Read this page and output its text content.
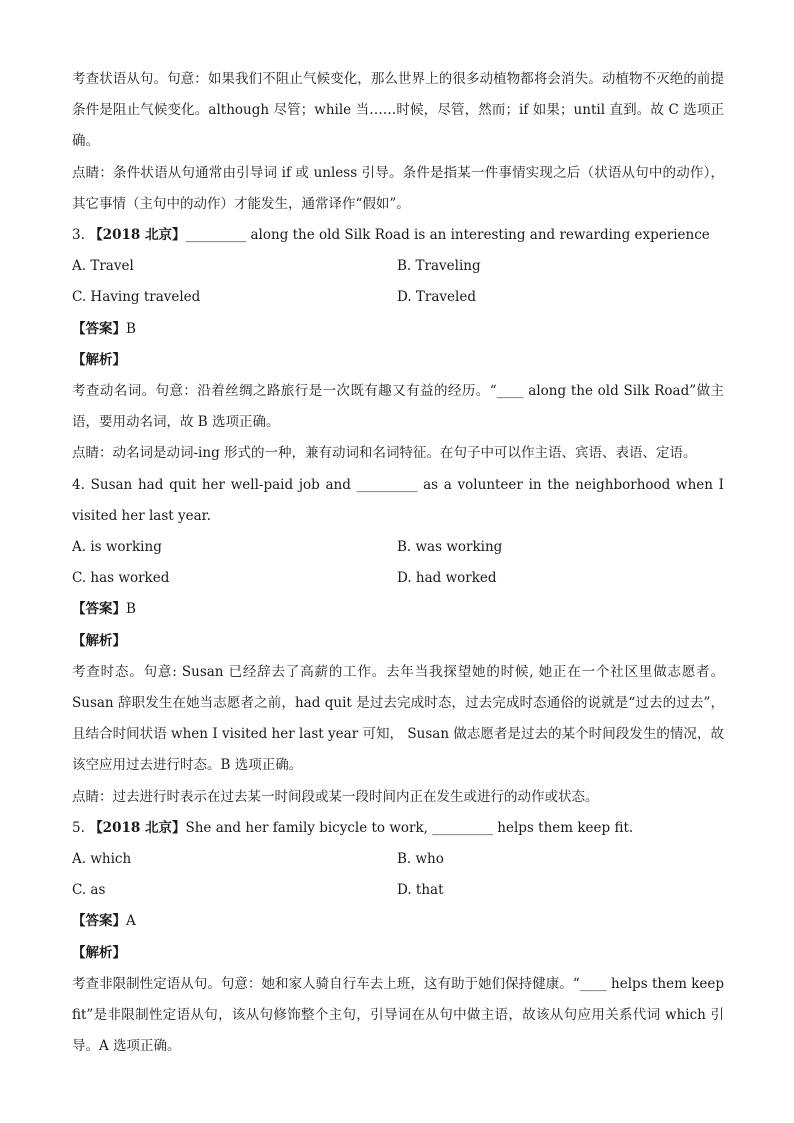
考查状语从句。句意：如果我们不阻止气候变化，那么世界上的很多动植物都将会消失。动植物不灭绝的前提条件是阻止气候变化。although 尽管；while 当……时候，尽管，然而；if 如果；until 直到。故 C 选项正确。

点睛：条件状语从句通常由引导词 if 或 unless 引导。条件是指某一件事情实现之后（状语从句中的动作），其它事情（主句中的动作）才能发生，通常译作“假如”。

3. 【2018 北京】_________ along the old Silk Road is an interesting and rewarding experience

A. Travel	B. Traveling
C. Having traveled	D. Traveled

【答案】B

【解析】

考查动名词。句意：沿着丝绸之路旅行是一次既有趣又有益的经历。“____ along the old Silk Road”做主语，要用动名词，故 B 选项正确。

点睛：动名词是动词-ing 形式的一种，兼有动词和名词特征。在句子中可以作主语、宾语、表语、定语。

4. Susan had quit her well-paid job and _________ as a volunteer in the neighborhood when I visited her last year.

A. is working	B. was working
C. has worked	D. had worked

【答案】B

【解析】

考查时态。句意: Susan 已经辞去了高薪的工作。去年当我探望她的时候, 她正在一个社区里做志愿者。Susan 辞职发生在她当志愿者之前，had quit 是过去完成时态，过去完成时态通俗的说就是“过去的过去”，且结合时间状语 when I visited her last year 可知， Susan 做志愿者是过去的某个时间段发生的情况，故该空应用过去进行时态。B 选项正确。

点睛：过去进行时表示在过去某一时间段或某一段时间内正在发生或进行的动作或状态。

5. 【2018 北京】She and her family bicycle to work, _________ helps them keep fit.

A. which	B. who
C. as	D. that

【答案】A

【解析】

考查非限制性定语从句。句意：她和家人骑自行车去上班，这有助于她们保持健康。“____ helps them keep fit”是非限制性定语从句，该从句修饰整个主句，引导词在从句中做主语，故该从句应用关系代词 which 引导。A 选项正确。
